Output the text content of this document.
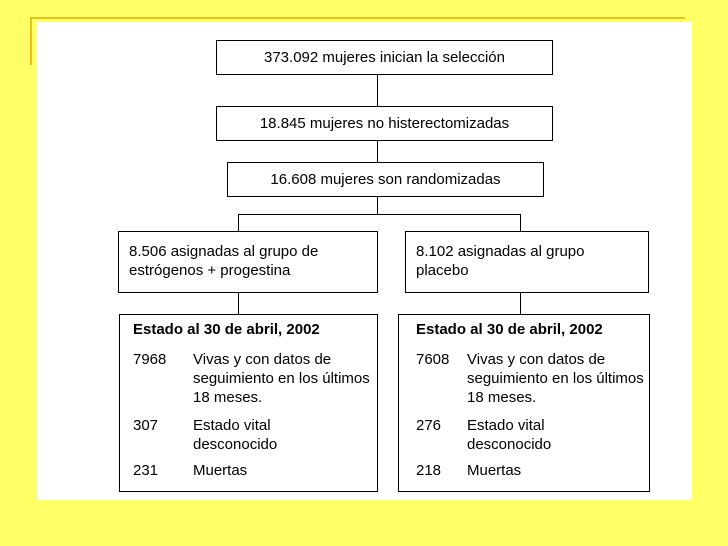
373.092 mujeres inician la selección
18.845 mujeres no histerectomizadas
16.608 mujeres son randomizadas
8.506 asignadas al grupo de estrógenos + progestina
8.102 asignadas al grupo placebo
Estado al 30 de abril, 2002
7968 Vivas y con datos de seguimiento en los últimos 18 meses.
307 Estado vital desconocido
231 Muertas
Estado al 30 de abril, 2002
7608 Vivas y con datos de seguimiento en los últimos 18 meses.
276 Estado vital desconocido
218 Muertas
